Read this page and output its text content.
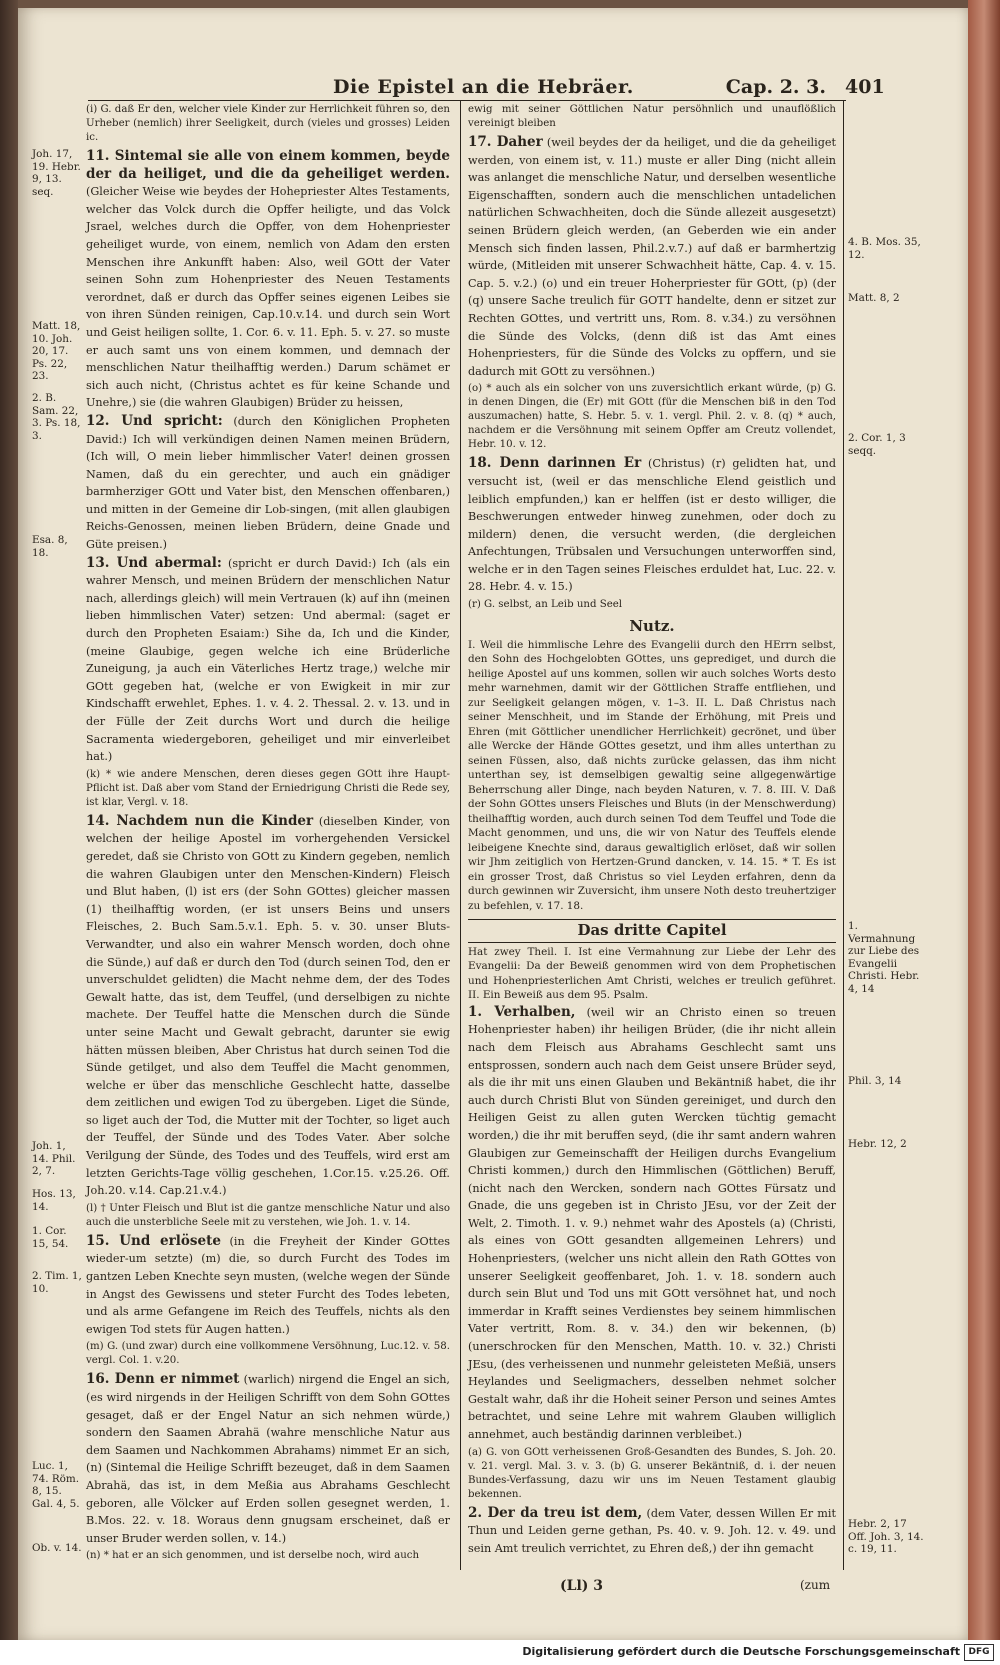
Die Epistel an die Hebräer.	Cap. 2. 3. 401

(i) G. daß Er den, welcher viele Kinder zur Herrlichkeit führen so, den Urheber (nemlich) ihrer Seeligkeit, durch (vieles und grosses) Leiden ic.

11. Sintemal sie alle von einem kommen, beyde der da heiliget, und die da geheiliget werden. (Gleicher Weise wie beydes der Hohepriester Altes Testaments, welcher das Volck durch die Opffer heiligte, und das Volck Jsrael, welches durch die Opffer, von dem Hohenpriester geheiliget wurde, von einem, nemlich von Adam den ersten Menschen ihre Ankunfft haben: Also, weil GOtt der Vater seinen Sohn zum Hohenpriester des Neuen Testaments verordnet, daß er durch das Opffer seines eigenen Leibes sie von ihren Sünden reinigen, Cap.10.v.14. und durch sein Wort und Geist heiligen sollte, 1. Cor. 6. v. 11. Eph. 5. v. 27. so muste er auch samt uns von einem kommen, und demnach der menschlichen Natur theilhafftig werden.) Darum schämet er sich auch nicht, (Christus achtet es für keine Schande und Unehre,) sie (die wahren Glaubigen) Brüder zu heissen,

12. Und spricht: (durch den Königlichen Propheten David:) Ich will verkündigen deinen Namen meinen Brüdern, (Ich will, O mein lieber himmlischer Vater! deinen grossen Namen, daß du ein gerechter, und auch ein gnädiger barmherziger GOtt und Vater bist, den Menschen offenbaren,) und mitten in der Gemeine dir Lob-singen, (mit allen glaubigen Reichs-Genossen, meinen lieben Brüdern, deine Gnade und Güte preisen.)

13. Und abermal: (spricht er durch David:) Ich (als ein wahrer Mensch, und meinen Brüdern der menschlichen Natur nach, allerdings gleich) will mein Vertrauen (k) auf ihn (meinen lieben himmlischen Vater) setzen: Und abermal: (saget er durch den Propheten Esaiam:) Sihe da, Ich und die Kinder, (meine Glaubige, gegen welche ich eine Brüderliche Zuneigung, ja auch ein Väterliches Hertz trage,) welche mir GOtt gegeben hat, (welche er von Ewigkeit in mir zur Kindschafft erwehlet, Ephes. 1. v. 4. 2. Thessal. 2. v. 13. und in der Fülle der Zeit durchs Wort und durch die heilige Sacramenta wiedergeboren, geheiliget und mir einverleibet hat.)

(k) * wie andere Menschen, deren dieses gegen GOtt ihre Haupt-Pflicht ist. Daß aber vom Stand der Erniedrigung Christi die Rede sey, ist klar, Vergl. v. 18.

14. Nachdem nun die Kinder (dieselben Kinder, von welchen der heilige Apostel im vorhergehenden Versickel geredet, daß sie Christo von GOtt zu Kindern gegeben, nemlich die wahren Glaubigen unter den Menschen-Kindern) Fleisch und Blut haben, (l) ist ers (der Sohn GOttes) gleicher massen (1) theilhafftig worden, (er ist unsers Beins und unsers Fleisches, 2. Buch Sam.5.v.1. Eph. 5. v. 30. unser Bluts-Verwandter, und also ein wahrer Mensch worden, doch ohne die Sünde,) auf daß er durch den Tod (durch seinen Tod, den er unverschuldet gelidten) die Macht nehme dem, der des Todes Gewalt hatte, das ist, dem Teuffel, (und derselbigen zu nichte machete. Der Teuffel hatte die Menschen durch die Sünde unter seine Macht und Gewalt gebracht, darunter sie ewig hätten müssen bleiben, Aber Christus hat durch seinen Tod die Sünde getilget, und also dem Teuffel die Macht genommen, welche er über das menschliche Geschlecht hatte, dasselbe dem zeitlichen und ewigen Tod zu übergeben. Liget die Sünde, so liget auch der Tod, die Mutter mit der Tochter, so liget auch der Teuffel, der Sünde und des Todes Vater. Aber solche Verilgung der Sünde, des Todes und des Teuffels, wird erst am letzten Gerichts-Tage völlig geschehen, 1.Cor.15. v.25.26. Off. Joh.20. v.14. Cap.21.v.4.)

(l) † Unter Fleisch und Blut ist die gantze menschliche Natur und also auch die unsterbliche Seele mit zu verstehen, wie Joh. 1. v. 14.

15. Und erlösete (in die Freyheit der Kinder GOttes wieder-um setzte) (m) die, so durch Furcht des Todes im gantzen Leben Knechte seyn musten, (welche wegen der Sünde in Angst des Gewissens und steter Furcht des Todes lebeten, und als arme Gefangene im Reich des Teuffels, nichts als den ewigen Tod stets für Augen hatten.)

(m) G. (und zwar) durch eine vollkommene Versöhnung, Luc.12. v. 58. vergl. Col. 1. v.20.

16. Denn er nimmet (warlich) nirgend die Engel an sich, (es wird nirgends in der Heiligen Schrifft von dem Sohn GOttes gesaget, daß er der Engel Natur an sich nehmen würde,) sondern den Saamen Abrahä (wahre menschliche Natur aus dem Saamen und Nachkommen Abrahams) nimmet Er an sich, (n) (Sintemal die Heilige Schrifft bezeuget, daß in dem Saamen Abrahä, das ist, in dem Meßia aus Abrahams Geschlecht geboren, alle Völcker auf Erden sollen gesegnet werden, 1. B.Mos. 22. v. 18. Woraus denn gnugsam erscheinet, daß er unser Bruder werden sollen, v. 14.)

(n) * hat er an sich genommen, und ist derselbe noch, wird auch

ewig mit seiner Göttlichen Natur persöhnlich und unauflößlich vereinigt bleiben

17. Daher (weil beydes der da heiliget, und die da geheiliget werden, von einem ist, v. 11.) muste er aller Ding (nicht allein was anlanget die menschliche Natur, und derselben wesentliche Eigenschafften, sondern auch die menschlichen untadelichen natürlichen Schwachheiten, doch die Sünde allezeit ausgesetzt) seinen Brüdern gleich werden, (an Geberden wie ein ander Mensch sich finden lassen, Phil.2.v.7.) auf daß er barmhertzig würde, (Mitleiden mit unserer Schwachheit hätte, Cap. 4. v. 15. Cap. 5. v.2.) (o) und ein treuer Hoherpriester für GOtt, (p) (der (q) unsere Sache treulich für GOTT handelte, denn er sitzet zur Rechten GOttes, und vertritt uns, Rom. 8. v.34.) zu versöhnen die Sünde des Volcks, (denn diß ist das Amt eines Hohenpriesters, für die Sünde des Volcks zu opffern, und sie dadurch mit GOtt zu versöhnen.)

(o) * auch als ein solcher von uns zuversichtlich erkant würde, (p) G. in denen Dingen, die (Er) mit GOtt (für die Menschen biß in den Tod auszumachen) hatte, S. Hebr. 5. v. 1. vergl. Phil. 2. v. 8. (q) * auch, nachdem er die Versöhnung mit seinem Opffer am Creutz vollendet, Hebr. 10. v. 12.

18. Denn darinnen Er (Christus) (r) gelidten hat, und versucht ist, (weil er das menschliche Elend geistlich und leiblich empfunden,) kan er helffen (ist er desto williger, die Beschwerungen entweder hinweg zunehmen, oder doch zu mildern) denen, die versucht werden, (die dergleichen Anfechtungen, Trübsalen und Versuchungen unterworffen sind, welche er in den Tagen seines Fleisches erduldet hat, Luc. 22. v. 28. Hebr. 4. v. 15.)

(r) G. selbst, an Leib und Seel

Nutz.

I. Weil die himmlische Lehre des Evangelii durch den HErrn selbst, den Sohn des Hochgelobten GOttes, uns geprediget, und durch die heilige Apostel auf uns kommen, sollen wir auch solches Worts desto mehr warnehmen, damit wir der Göttlichen Straffe entfliehen, und zur Seeligkeit gelangen mögen, v. 1–3. II. L. Daß Christus nach seiner Menschheit, und im Stande der Erhöhung, mit Preis und Ehren (mit Göttlicher unendlicher Herrlichkeit) gecrönet, und über alle Wercke der Hände GOttes gesetzt, und ihm alles unterthan zu seinen Füssen, also, daß nichts zurücke gelassen, das ihm nicht unterthan sey, ist demselbigen gewaltig seine allgegenwärtige Beherrschung aller Dinge, nach beyden Naturen, v. 7. 8. III. V. Daß der Sohn GOttes unsers Fleisches und Bluts (in der Menschwerdung) theilhafftig worden, auch durch seinen Tod dem Teuffel und Tode die Macht genommen, und uns, die wir von Natur des Teuffels elende leibeigene Knechte sind, daraus gewaltiglich erlöset, daß wir sollen wir Jhm zeitiglich von Hertzen-Grund dancken, v. 14. 15. * T. Es ist ein grosser Trost, daß Christus so viel Leyden erfahren, denn da durch gewinnen wir Zuversicht, ihm unsere Noth desto treuhertziger zu befehlen, v. 17. 18.

Das dritte Capitel

Hat zwey Theil. I. Ist eine Vermahnung zur Liebe der Lehr des Evangelii: Da der Beweiß genommen wird von dem Prophetischen und Hohenpriesterlichen Amt Christi, welches er treulich geführet. II. Ein Beweiß aus dem 95. Psalm.

1. Verhalben, (weil wir an Christo einen so treuen Hohenpriester haben) ihr heiligen Brüder, (die ihr nicht allein nach dem Fleisch aus Abrahams Geschlecht samt uns entsprossen, sondern auch nach dem Geist unsere Brüder seyd, als die ihr mit uns einen Glauben und Bekäntniß habet, die ihr auch durch Christi Blut von Sünden gereiniget, und durch den Heiligen Geist zu allen guten Wercken tüchtig gemacht worden,) die ihr mit beruffen seyd, (die ihr samt andern wahren Glaubigen zur Gemeinschafft der Heiligen durchs Evangelium Christi kommen,) durch den Himmlischen (Göttlichen) Beruff, (nicht nach den Wercken, sondern nach GOttes Fürsatz und Gnade, die uns gegeben ist in Christo JEsu, vor der Zeit der Welt, 2. Timoth. 1. v. 9.) nehmet wahr des Apostels (a) (Christi, als eines von GOtt gesandten allgemeinen Lehrers) und Hohenpriesters, (welcher uns nicht allein den Rath GOttes von unserer Seeligkeit geoffenbaret, Joh. 1. v. 18. sondern auch durch sein Blut und Tod uns mit GOtt versöhnet hat, und noch immerdar in Krafft seines Verdienstes bey seinem himmlischen Vater vertritt, Rom. 8. v. 34.) den wir bekennen, (b) (unerschrocken für den Menschen, Matth. 10. v. 32.) Christi JEsu, (des verheissenen und nunmehr geleisteten Meßiä, unsers Heylandes und Seeligmachers, desselben nehmet solcher Gestalt wahr, daß ihr die Hoheit seiner Person und seines Amtes betrachtet, und seine Lehre mit wahrem Glauben williglich annehmet, auch beständig darinnen verbleibet.)

(a) G. von GOtt verheissenen Groß-Gesandten des Bundes, S. Joh. 20. v. 21. vergl. Mal. 3. v. 3. (b) G. unserer Bekäntniß, d. i. der neuen Bundes-Verfassung, dazu wir uns im Neuen Testament glaubig bekennen.

2. Der da treu ist dem, (dem Vater, dessen Willen Er mit Thun und Leiden gerne gethan, Ps. 40. v. 9. Joh. 12. v. 49. und sein Amt treulich verrichtet, zu Ehren deß,) der ihn gemacht

Joh. 17, 19. Hebr. 9, 13. seq.
Matt. 18, 10. Joh. 20, 17. Ps. 22, 23.
2. B. Sam. 22, 3. Ps. 18, 3.
Esa. 8, 18.
Joh. 1, 14. Phil. 2, 7.
Hos. 13, 14.
1. Cor. 15, 54.
2. Tim. 1, 10.
Luc. 1, 74. Röm. 8, 15. Gal. 4, 5.
Ob. v. 14.
4. B. Mos. 35, 12.
Matt. 8, 2
2. Cor. 1, 3 seqq.
1. Vermahnung zur Liebe des Evangelii Christi. Hebr. 4, 14
Phil. 3, 14
Hebr. 12, 2
Hebr. 2, 17 Off. Joh. 3, 14. c. 19, 11.
(Ll) 3	(zum
Digitalisierung gefördert durch die Deutsche Forschungsgemeinschaft DFG
